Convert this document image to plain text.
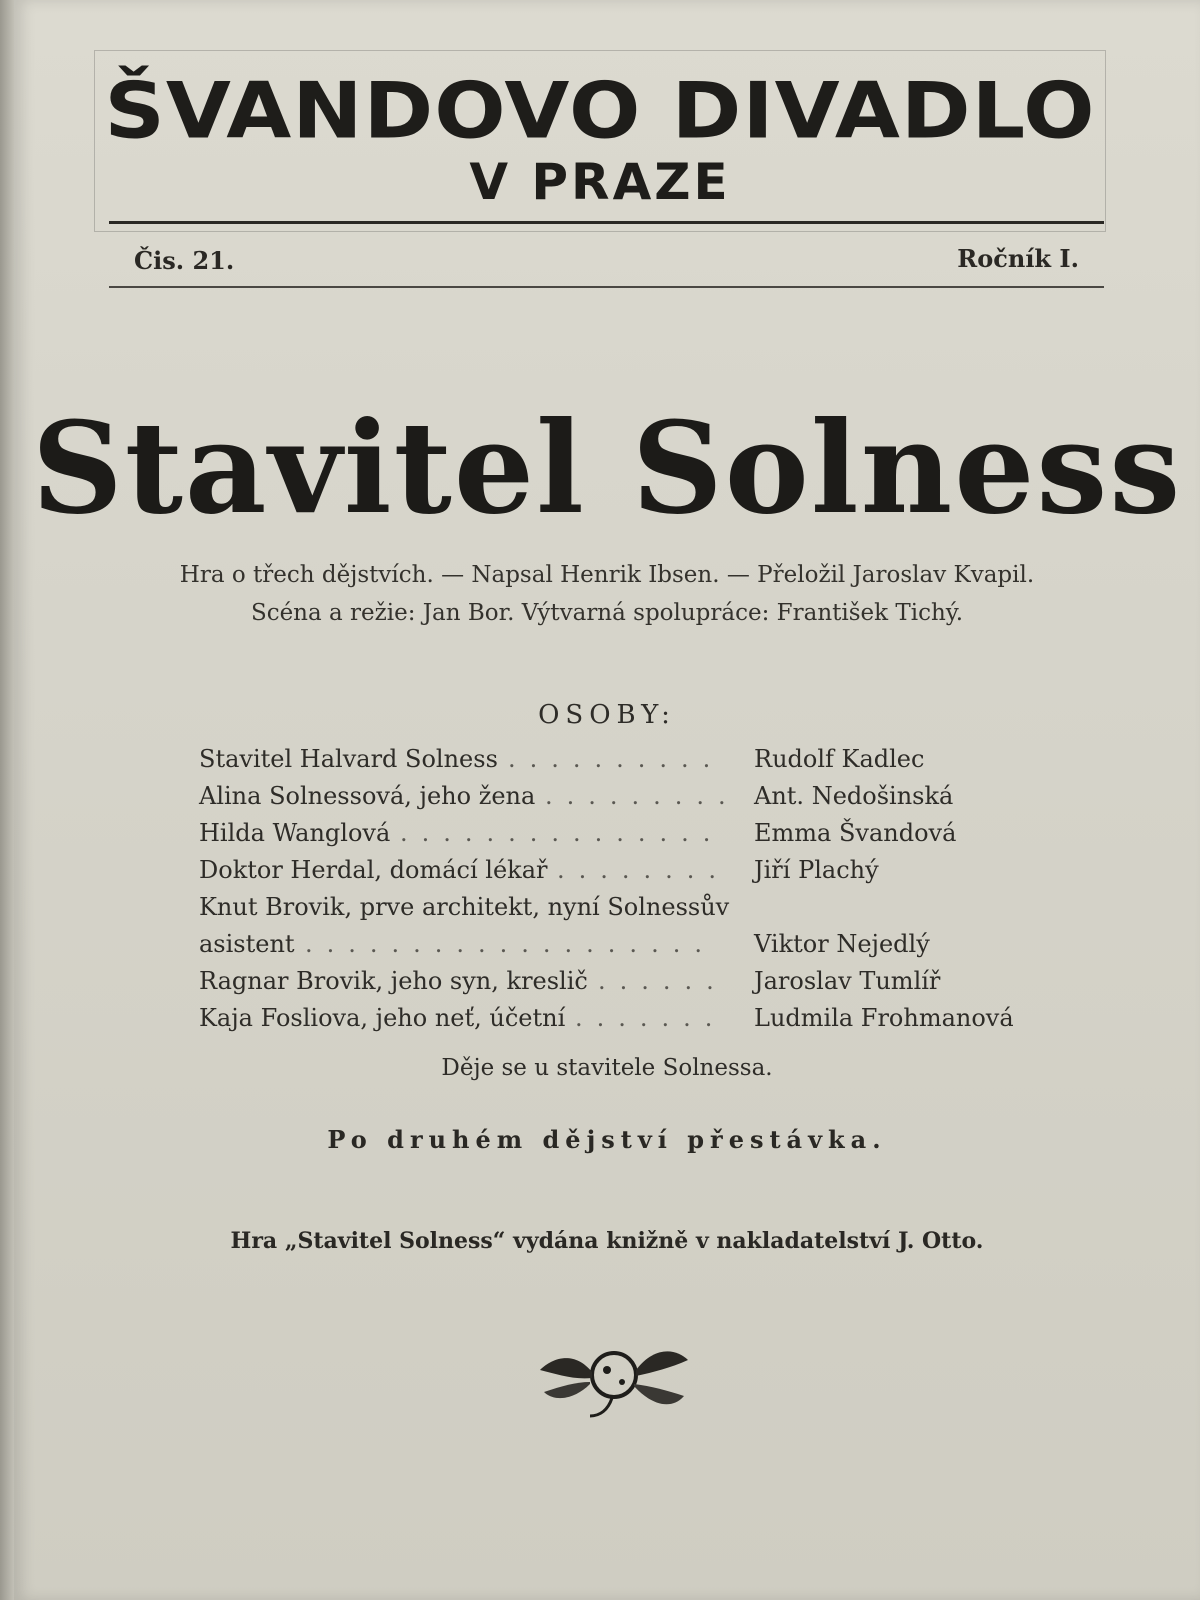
ŠVANDOVO DIVADLO
V PRAZE
Čis. 21.	Ročník I.
Stavitel Solness
Hra o třech dějstvích. — Napsal Henrik Ibsen. — Přeložil Jaroslav Kvapil.
Scéna a režie: Jan Bor. Výtvarná spolupráce: František Tichý.
OSOBY:
Stavitel Halvard Solness .......... Rudolf Kadlec
Alina Solnessová, jeho žena ......... Ant. Nedošinská
Hilda Wanglová ............... Emma Švandová
Doktor Herdal, domácí lékař ........ Jiří Plachý
Knut Brovik, prve architekt, nyní Solnessův
asistent ................... Viktor Nejedlý
Ragnar Brovik, jeho syn, kreslič ...... Jaroslav Tumlíř
Kaja Fosliova, jeho neť, účetní ....... Ludmila Frohmanová
Děje se u stavitele Solnessa.
Po druhém dějství přestávka.
Hra „Stavitel Solness“ vydána knižně v nakladatelství J. Otto.
